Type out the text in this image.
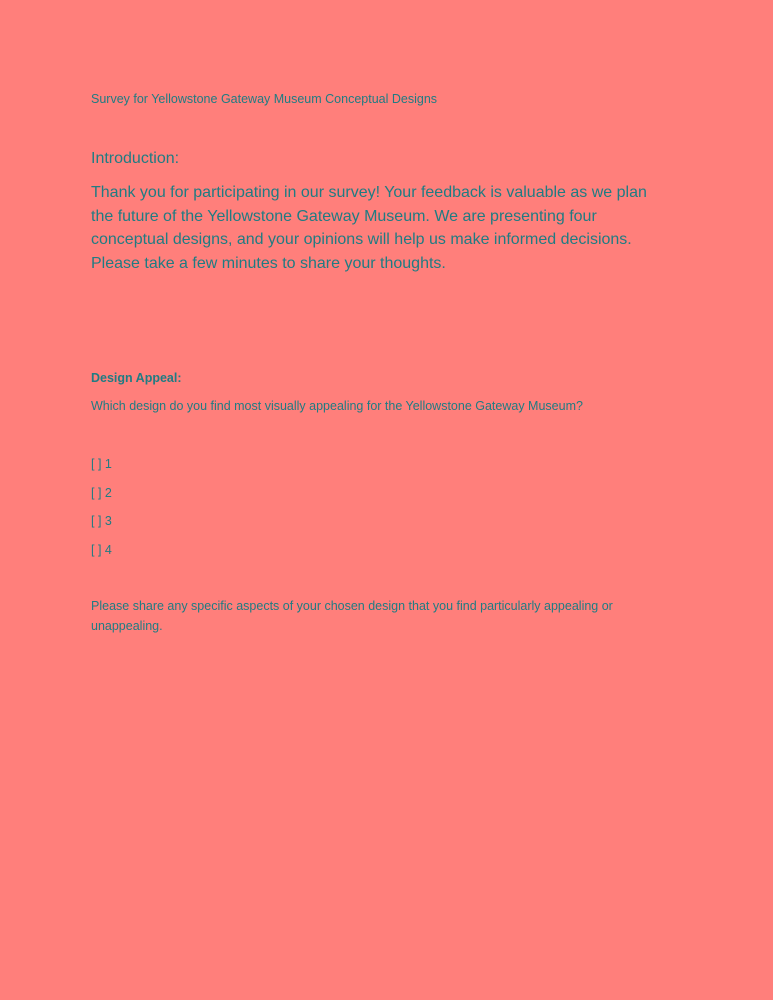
Survey for Yellowstone Gateway Museum Conceptual Designs
Introduction:
Thank you for participating in our survey! Your feedback is valuable as we plan the future of the Yellowstone Gateway Museum. We are presenting four conceptual designs, and your opinions will help us make informed decisions. Please take a few minutes to share your thoughts.
Design Appeal:
Which design do you find most visually appealing for the Yellowstone Gateway Museum?
[ ] 1
[ ] 2
[ ] 3
[ ] 4
Please share any specific aspects of your chosen design that you find particularly appealing or unappealing.
